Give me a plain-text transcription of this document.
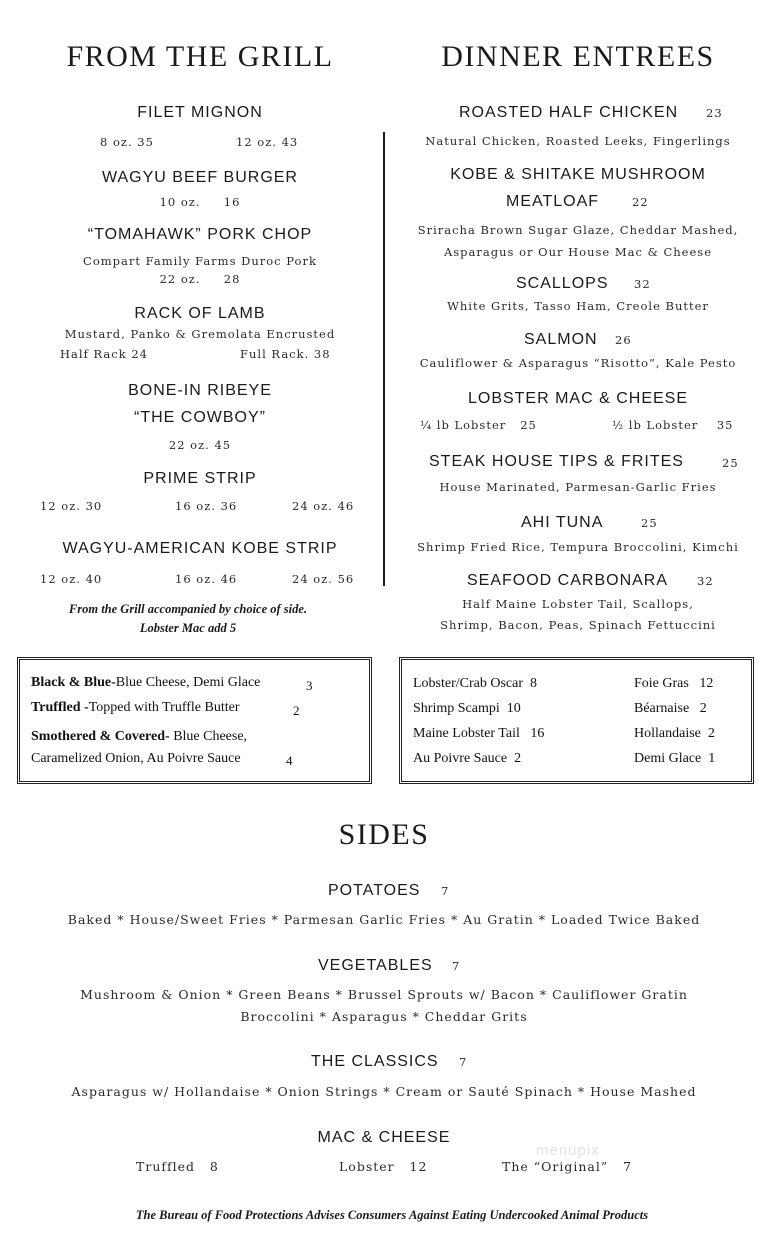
FROM THE GRILL
FILET MIGNON
8 oz. 35	12 oz. 43
WAGYU BEEF BURGER
10 oz.     16
“TOMAHAWK” PORK CHOP
Compart Family Farms Duroc Pork
22 oz.     28
RACK OF LAMB
Mustard, Panko & Gremolata Encrusted
Half Rack 24	Full Rack. 38
BONE-IN RIBEYE
“THE COWBOY”
22 oz. 45
PRIME STRIP
12 oz. 30	16 oz. 36	24 oz. 46
WAGYU-AMERICAN KOBE STRIP
12 oz. 40	16 oz. 46	24 oz. 56
From the Grill accompanied by choice of side.
Lobster Mac add 5
DINNER ENTREES
ROASTED HALF CHICKEN 23
Natural Chicken, Roasted Leeks, Fingerlings
KOBE & SHITAKE MUSHROOM
MEATLOAF	22
Sriracha Brown Sugar Glaze, Cheddar Mashed,
Asparagus or Our House Mac & Cheese
SCALLOPS 32
White Grits, Tasso Ham, Creole Butter
SALMON 26
Cauliflower & Asparagus “Risotto”, Kale Pesto
LOBSTER MAC & CHEESE
¼ lb Lobster   25	½ lb Lobster    35
STEAK HOUSE TIPS & FRITES	25
House Marinated, Parmesan-Garlic Fries
AHI TUNA	25
Shrimp Fried Rice, Tempura Broccolini, Kimchi
SEAFOOD CARBONARA	32
Half Maine Lobster Tail, Scallops,
Shrimp, Bacon, Peas, Spinach Fettuccini
Black & Blue-Blue Cheese, Demi Glace	3
Truffled -Topped with Truffle Butter	2
Smothered & Covered- Blue Cheese,
Caramelized Onion, Au Poivre Sauce	4
Lobster/Crab Oscar  8
Shrimp Scampi  10
Maine Lobster Tail   16
Au Poivre Sauce  2
Foie Gras   12
Béarnaise   2
Hollandaise  2
Demi Glace  1
SIDES
POTATOES 7
Baked * House/Sweet Fries * Parmesan Garlic Fries * Au Gratin * Loaded Twice Baked
VEGETABLES 7
Mushroom & Onion * Green Beans * Brussel Sprouts w/ Bacon * Cauliflower Gratin
Broccolini * Asparagus * Cheddar Grits
THE CLASSICS 7
Asparagus w/ Hollandaise * Onion Strings * Cream or Sauté Spinach * House Mashed
MAC & CHEESE
Truffled   8	Lobster   12	The “Original”   7
menupix
The Bureau of Food Protections Advises Consumers Against Eating Undercooked Animal Products
